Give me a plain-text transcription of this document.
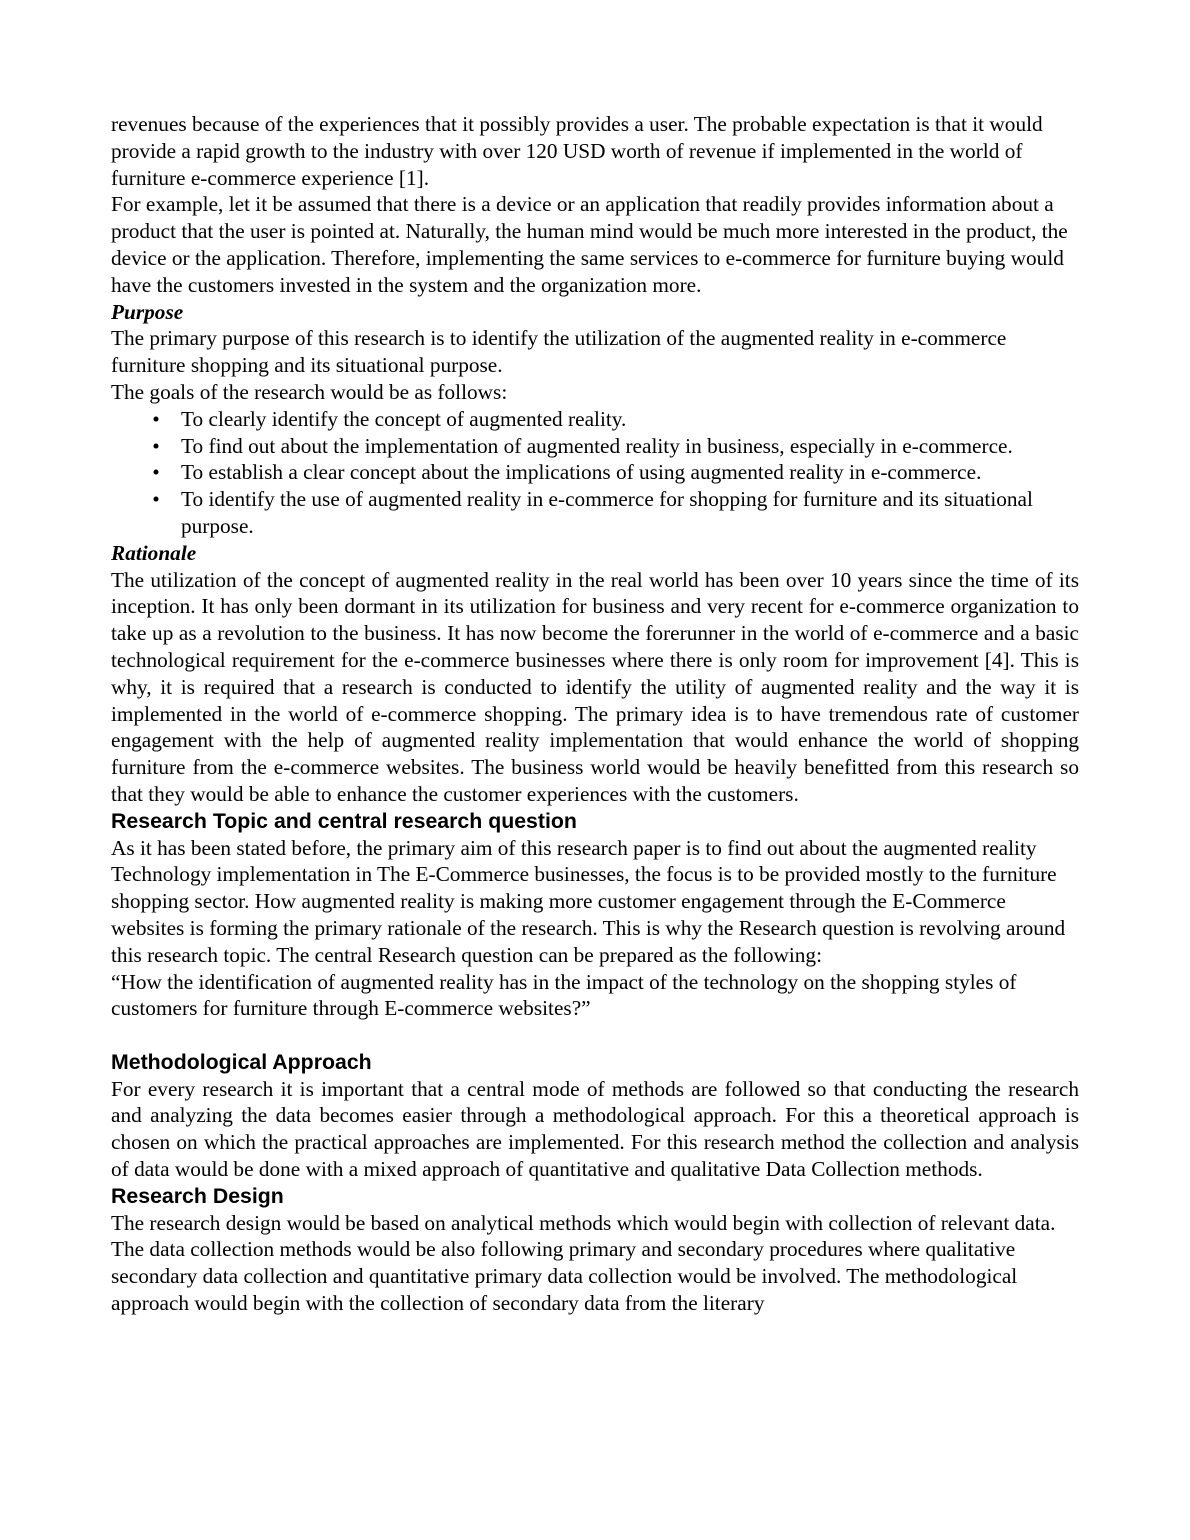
revenues because of the experiences that it possibly provides a user. The probable expectation is that it would provide a rapid growth to the industry with over 120 USD worth of revenue if implemented in the world of furniture e-commerce experience [1].

For example, let it be assumed that there is a device or an application that readily provides information about a product that the user is pointed at. Naturally, the human mind would be much more interested in the product, the device or the application. Therefore, implementing the same services to e-commerce for furniture buying would have the customers invested in the system and the organization more.

Purpose

The primary purpose of this research is to identify the utilization of the augmented reality in e-commerce furniture shopping and its situational purpose.

The goals of the research would be as follows:

• To clearly identify the concept of augmented reality.
• To find out about the implementation of augmented reality in business, especially in e-commerce.
• To establish a clear concept about the implications of using augmented reality in e-commerce.
• To identify the use of augmented reality in e-commerce for shopping for furniture and its situational purpose.

Rationale

The utilization of the concept of augmented reality in the real world has been over 10 years since the time of its inception. It has only been dormant in its utilization for business and very recent for e-commerce organization to take up as a revolution to the business. It has now become the forerunner in the world of e-commerce and a basic technological requirement for the e-commerce businesses where there is only room for improvement [4]. This is why, it is required that a research is conducted to identify the utility of augmented reality and the way it is implemented in the world of e-commerce shopping. The primary idea is to have tremendous rate of customer engagement with the help of augmented reality implementation that would enhance the world of shopping furniture from the e-commerce websites. The business world would be heavily benefitted from this research so that they would be able to enhance the customer experiences with the customers.

Research Topic and central research question

As it has been stated before, the primary aim of this research paper is to find out about the augmented reality Technology implementation in The E-Commerce businesses, the focus is to be provided mostly to the furniture shopping sector. How augmented reality is making more customer engagement through the E-Commerce websites is forming the primary rationale of the research. This is why the Research question is revolving around this research topic. The central Research question can be prepared as the following:

“How the identification of augmented reality has in the impact of the technology on the shopping styles of customers for furniture through E-commerce websites?”

Methodological Approach

For every research it is important that a central mode of methods are followed so that conducting the research and analyzing the data becomes easier through a methodological approach. For this a theoretical approach is chosen on which the practical approaches are implemented. For this research method the collection and analysis of data would be done with a mixed approach of quantitative and qualitative Data Collection methods.

Research Design

The research design would be based on analytical methods which would begin with collection of relevant data. The data collection methods would be also following primary and secondary procedures where qualitative secondary data collection and quantitative primary data collection would be involved. The methodological approach would begin with the collection of secondary data from the literary
